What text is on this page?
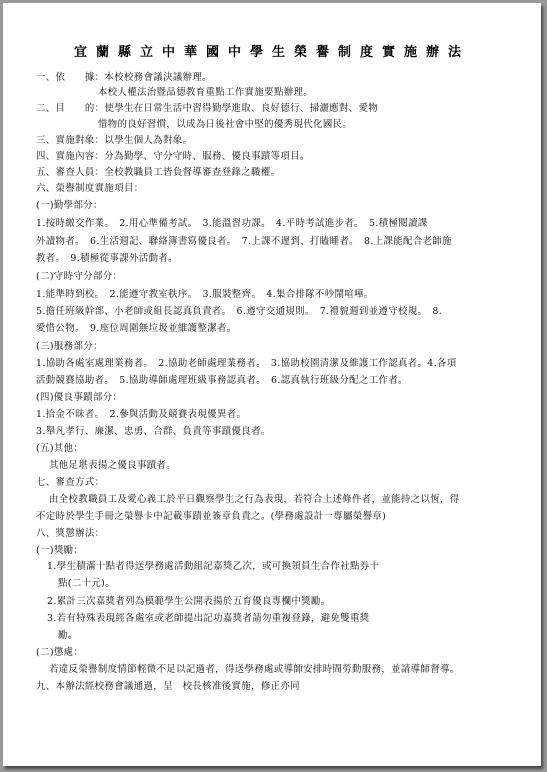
宜蘭縣立中華國中學生榮譽制度實施辦法
一、依　　據：本校校務會議決議辦理。
本校人權法治暨品德教育重點工作實施要點辦理。
二、目　　的：使學生在日常生活中習得勤學進取、良好德行、掃灑應對、愛物
惜物的良好習慣，以成為日後社會中堅的優秀現代化國民。
三、實施對象：以學生個人為對象。
四、實施內容：分為勤學、守分守時、服務、優良事蹟等項目。
五、審查人員：全校教職員工皆負督導審查登錄之職權。
六、榮譽制度實施項目：
(一)勤學部分：
1.按時繳交作業。　2.用心準備考試。　3.能溫習功課。　4.平時考試進步者。　5.積極閱讀課
外讀物者。　6.生活週記、聯絡簿書寫優良者。　7.上課不遲到、打瞌睡者。　8.上課能配合老師施
教者。　9.積極從事課外活動者。
(二)守時守分部分：
1.能準時到校。　2.能遵守教室秩序。　3.服裝整齊。　4.集合排隊不吵鬧喧嘩。
5.擔任班級幹部、小老師或組長認真負責者。　6.遵守交通規則。　7.禮貌週到並遵守校規。　8.
愛惜公物。　9.座位周圍無垃圾並維護整潔者。
(三)服務部分：
1.協助各處室處理業務者。　2.協助老師處理業務者。　3.協助校園清潔及維護工作認真者。4.各項
活動競賽協助者。　5.協助導師處理班級事務認真者。　6.認真執行班級分配之工作者。
(四)優良事蹟部分：
1.拾金不昧者。　2.參與活動及競賽表現優異者。
3.舉凡孝行、廉潔、忠勇、合群、負責等事蹟優良者。
(五)其他：
其他足堪表揚之優良事蹟者。
七、審查方式：
由全校教職員工及愛心義工於平日觀察學生之行為表現，若符合上述條件者，並能持之以恆，得
不定時於學生手冊之榮譽卡中記載事蹟並簽章負責之。(學務處設計一專屬榮譽章)
八、獎懲辦法：
(一)獎勵：
1.學生積滿十點者得送學務處活動組記嘉獎乙次，或可換領員生合作社點券十
點(二十元)。
2.累計三次嘉獎者列為模範學生公開表揚於五育優良專欄中獎勵。
3.若有特殊表現經各處室或老師提出記功嘉獎者請勿重複登錄，避免雙重獎
勵。
(二)懲處：
若違反榮譽制度情節輕微不足以記過者，得送學務處或導師安排時間勞動服務，並請導師督導。
九、本辦法經校務會議通過，呈　校長核准後實施，修正亦同
